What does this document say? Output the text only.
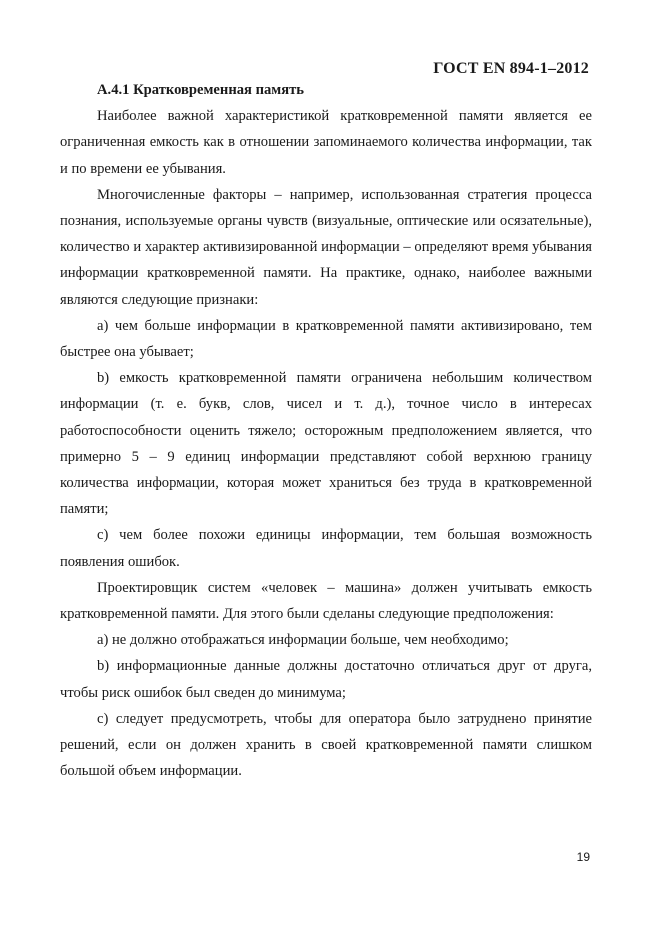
ГОСТ EN 894-1–2012

А.4.1 Кратковременная память

Наиболее важной характеристикой кратковременной памяти является ее ограниченная емкость как в отношении запоминаемого количества информации, так и по времени ее убывания.

Многочисленные факторы – например, использованная стратегия процесса познания, используемые органы чувств (визуальные, оптические или осязательные), количество и характер активизированной информации – определяют время убывания информации кратковременной памяти. На практике, однако, наиболее важными являются следующие признаки:

а) чем больше информации в кратковременной памяти активизировано, тем быстрее она убывает;

b) емкость кратковременной памяти ограничена небольшим количеством информации (т. е. букв, слов, чисел и т. д.), точное число в интересах работоспособности оценить тяжело; осторожным предположением является, что примерно 5 – 9 единиц информации представляют собой верхнюю границу количества информации, которая может храниться без труда в кратковременной памяти;

с) чем более похожи единицы информации, тем большая возможность появления ошибок.

Проектировщик систем «человек – машина» должен учитывать емкость кратковременной памяти. Для этого были сделаны следующие предположения:

а) не должно отображаться информации больше, чем необходимо;

b) информационные данные должны достаточно отличаться друг от друга, чтобы риск ошибок был сведен до минимума;

с) следует предусмотреть, чтобы для оператора было затруднено принятие решений, если он должен хранить в своей кратковременной памяти слишком большой объем информации.

19
